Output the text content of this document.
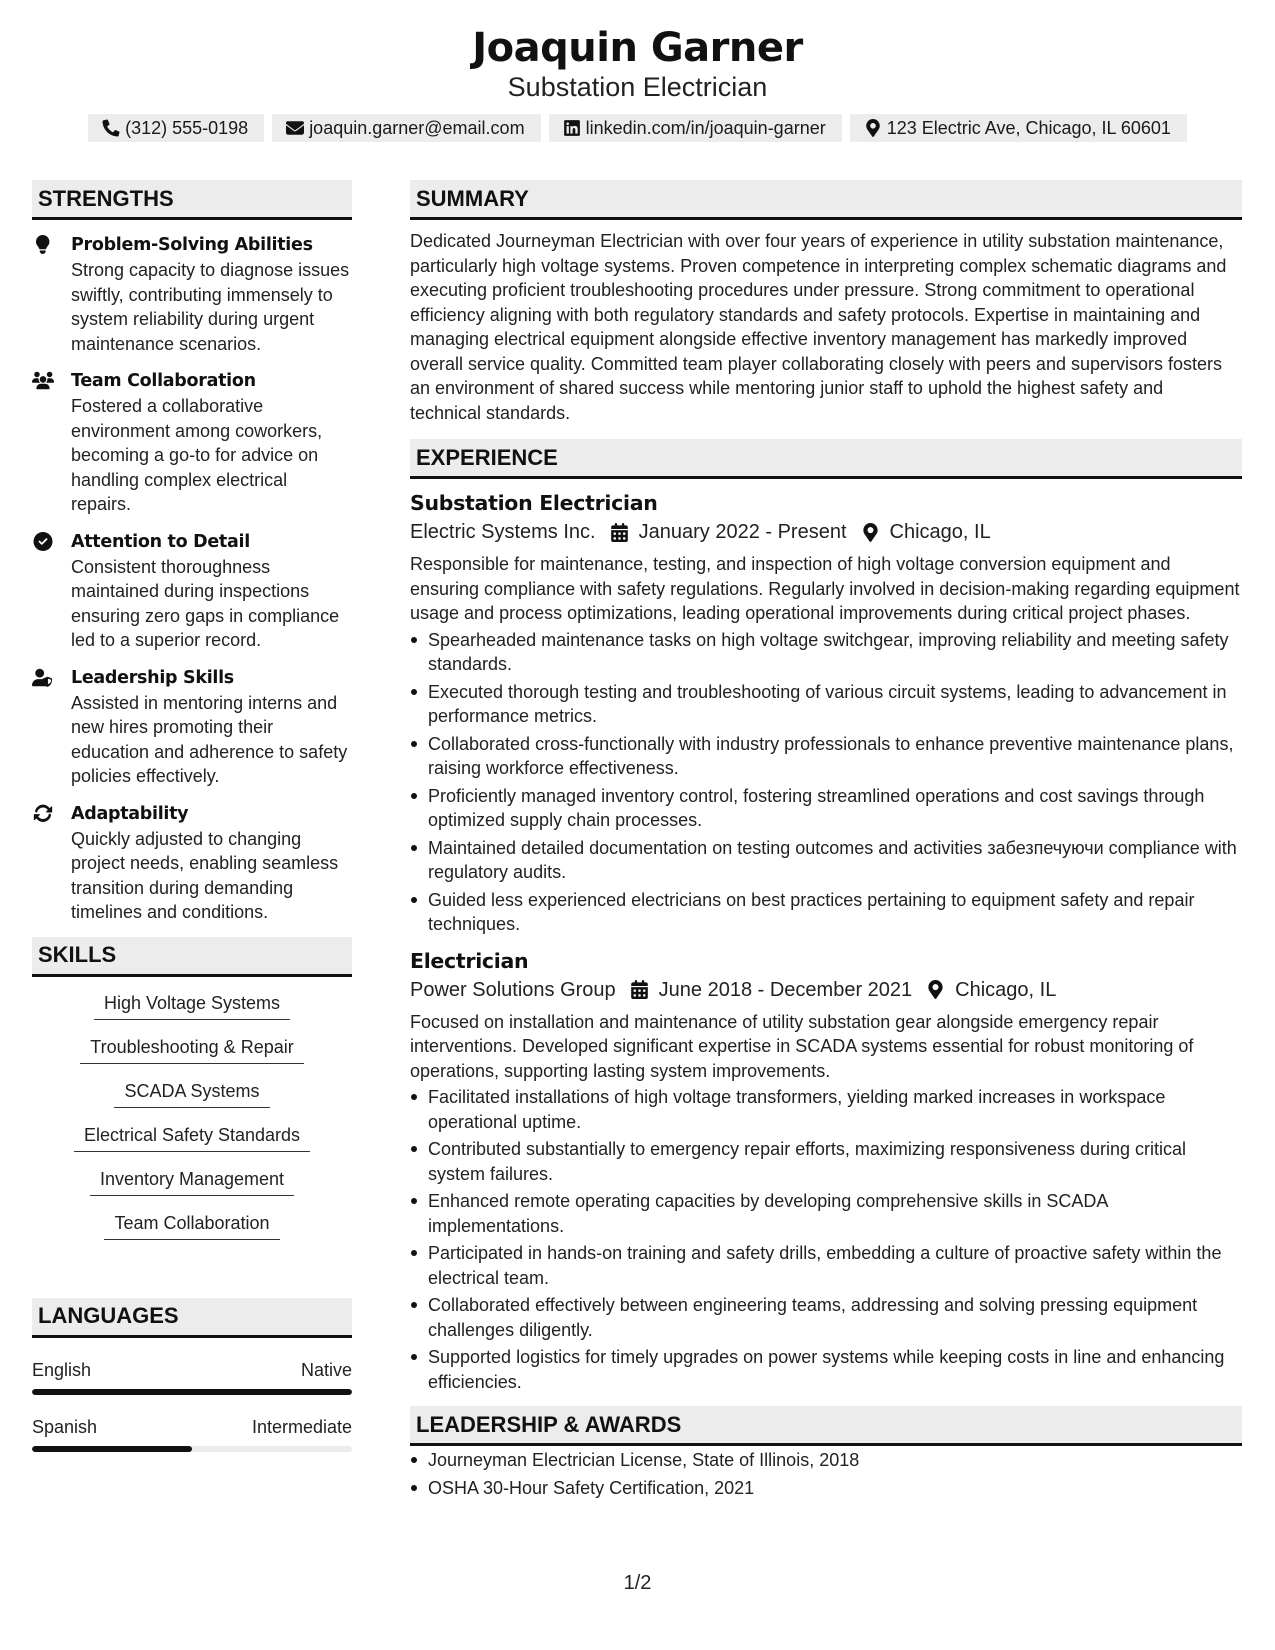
Joaquin Garner
Substation Electrician
(312) 555-0198	joaquin.garner@email.com	linkedin.com/in/joaquin-garner	123 Electric Ave, Chicago, IL 60601
STRENGTHS
Problem-Solving Abilities
Strong capacity to diagnose issues swiftly, contributing immensely to system reliability during urgent maintenance scenarios.
Team Collaboration
Fostered a collaborative environment among coworkers, becoming a go-to for advice on handling complex electrical repairs.
Attention to Detail
Consistent thoroughness maintained during inspections ensuring zero gaps in compliance led to a superior record.
Leadership Skills
Assisted in mentoring interns and new hires promoting their education and adherence to safety policies effectively.
Adaptability
Quickly adjusted to changing project needs, enabling seamless transition during demanding timelines and conditions.
SKILLS
High Voltage Systems
Troubleshooting & Repair
SCADA Systems
Electrical Safety Standards
Inventory Management
Team Collaboration
LANGUAGES
English	Native
Spanish	Intermediate
SUMMARY
Dedicated Journeyman Electrician with over four years of experience in utility substation maintenance, particularly high voltage systems. Proven competence in interpreting complex schematic diagrams and executing proficient troubleshooting procedures under pressure. Strong commitment to operational efficiency aligning with both regulatory standards and safety protocols. Expertise in maintaining and managing electrical equipment alongside effective inventory management has markedly improved overall service quality. Committed team player collaborating closely with peers and supervisors fosters an environment of shared success while mentoring junior staff to uphold the highest safety and technical standards.
EXPERIENCE
Substation Electrician
Electric Systems Inc. January 2022 - Present Chicago, IL
Responsible for maintenance, testing, and inspection of high voltage conversion equipment and ensuring compliance with safety regulations. Regularly involved in decision-making regarding equipment usage and process optimizations, leading operational improvements during critical project phases.
Spearheaded maintenance tasks on high voltage switchgear, improving reliability and meeting safety standards.
Executed thorough testing and troubleshooting of various circuit systems, leading to advancement in performance metrics.
Collaborated cross-functionally with industry professionals to enhance preventive maintenance plans, raising workforce effectiveness.
Proficiently managed inventory control, fostering streamlined operations and cost savings through optimized supply chain processes.
Maintained detailed documentation on testing outcomes and activities забезпечуючи compliance with regulatory audits.
Guided less experienced electricians on best practices pertaining to equipment safety and repair techniques.
Electrician
Power Solutions Group June 2018 - December 2021 Chicago, IL
Focused on installation and maintenance of utility substation gear alongside emergency repair interventions. Developed significant expertise in SCADA systems essential for robust monitoring of operations, supporting lasting system improvements.
Facilitated installations of high voltage transformers, yielding marked increases in workspace operational uptime.
Contributed substantially to emergency repair efforts, maximizing responsiveness during critical system failures.
Enhanced remote operating capacities by developing comprehensive skills in SCADA implementations.
Participated in hands-on training and safety drills, embedding a culture of proactive safety within the electrical team.
Collaborated effectively between engineering teams, addressing and solving pressing equipment challenges diligently.
Supported logistics for timely upgrades on power systems while keeping costs in line and enhancing efficiencies.
LEADERSHIP & AWARDS
Journeyman Electrician License, State of Illinois, 2018
OSHA 30-Hour Safety Certification, 2021
1/2
